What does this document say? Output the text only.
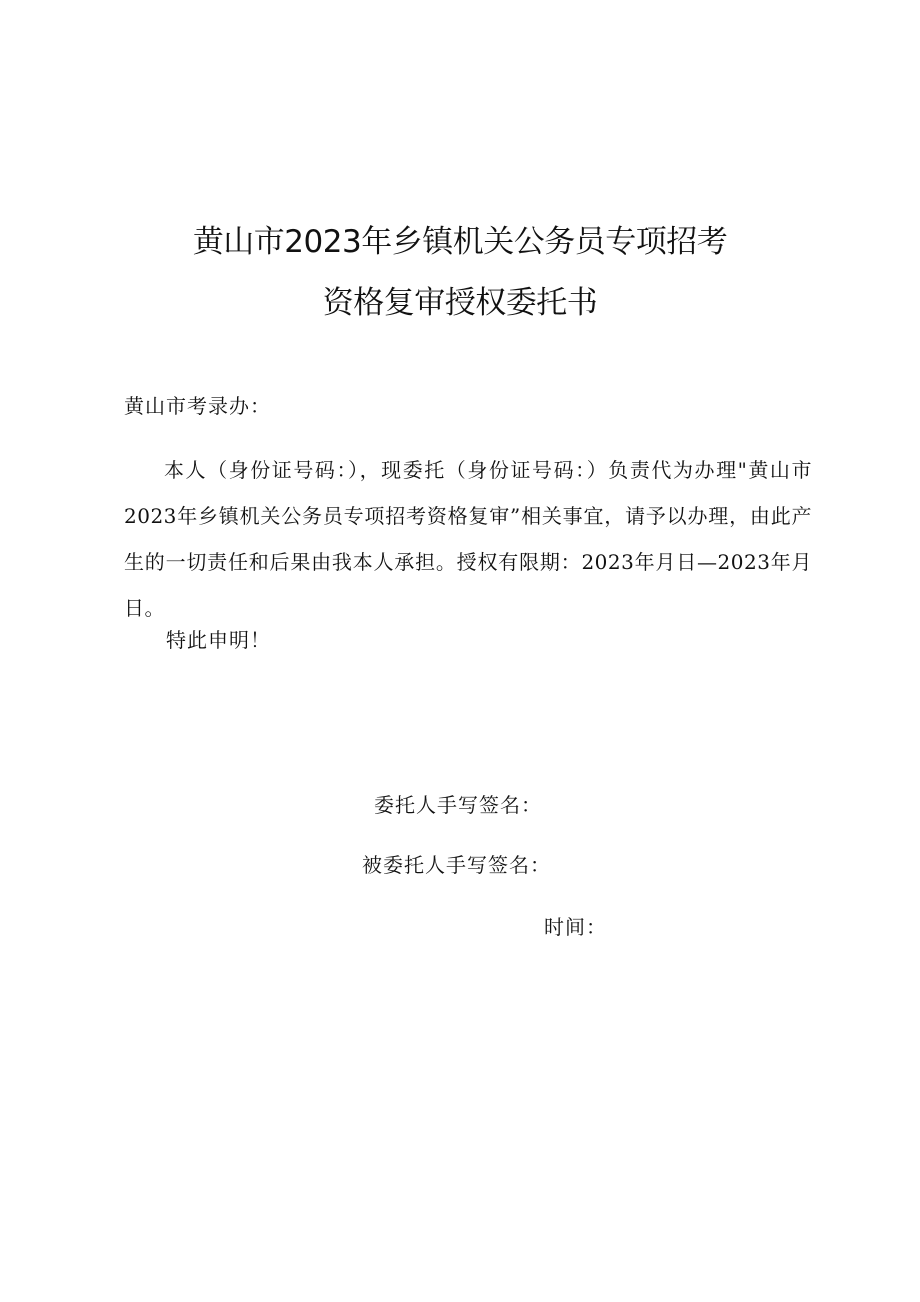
黄山市2023年乡镇机关公务员专项招考
资格复审授权委托书
黄山市考录办：
本人（身份证号码：），现委托（身份证号码：）负责代为办理"黄山市2023年乡镇机关公务员专项招考资格复审”相关事宜，请予以办理，由此产生的一切责任和后果由我本人承担。授权有限期：2023年月日—2023年月日。
特此申明！
委托人手写签名：
被委托人手写签名：
时间：
